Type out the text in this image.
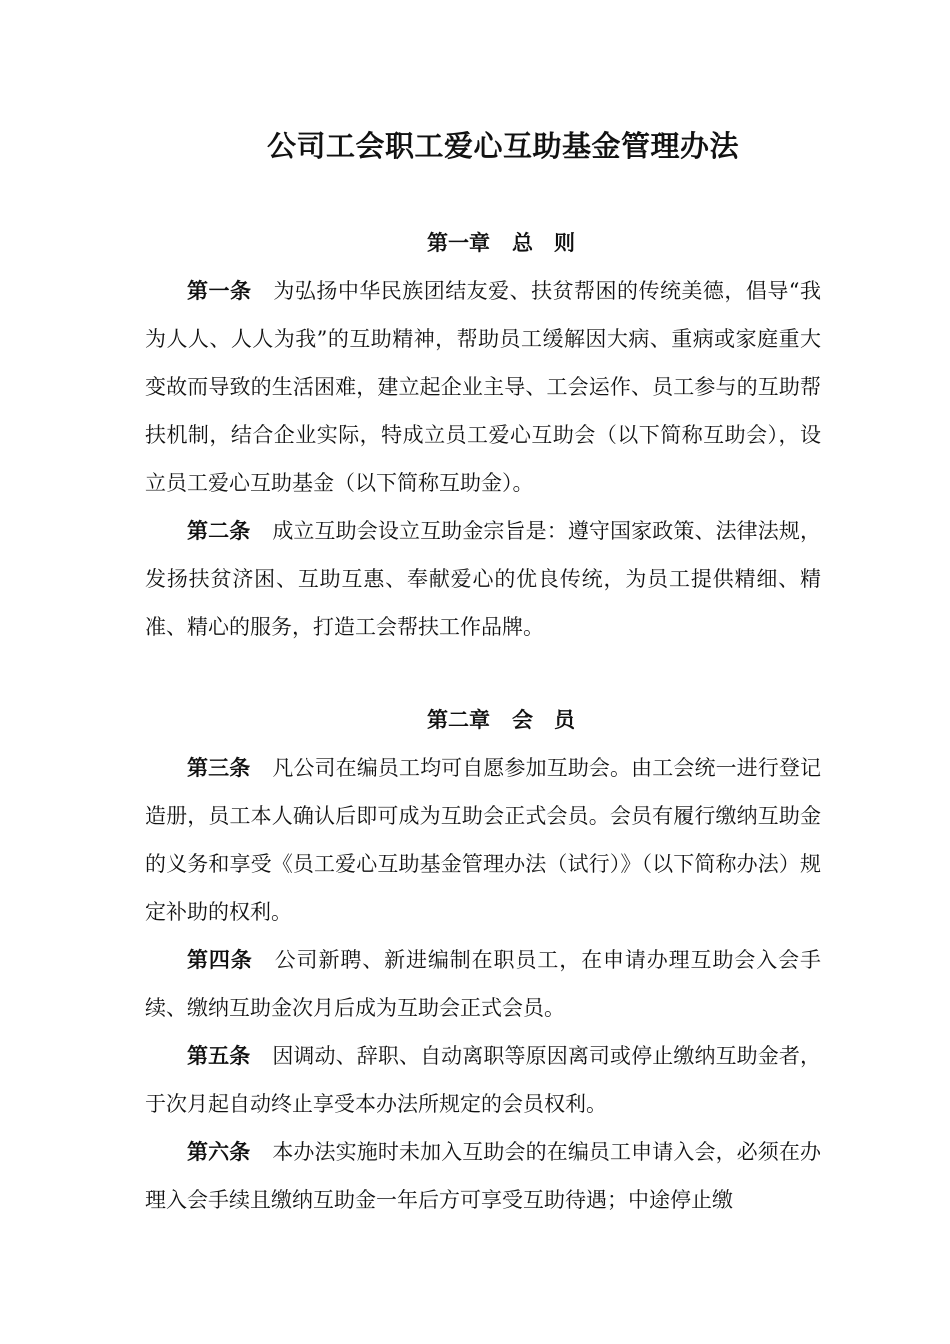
公司工会职工爱心互助基金管理办法

第一章 总　则

第一条 为弘扬中华民族团结友爱、扶贫帮困的传统美德，倡导“我为人人、人人为我”的互助精神，帮助员工缓解因大病、重病或家庭重大变故而导致的生活困难，建立起企业主导、工会运作、员工参与的互助帮扶机制，结合企业实际，特成立员工爱心互助会（以下简称互助会），设立员工爱心互助基金（以下简称互助金）。

第二条 成立互助会设立互助金宗旨是：遵守国家政策、法律法规，发扬扶贫济困、互助互惠、奉献爱心的优良传统，为员工提供精细、精准、精心的服务，打造工会帮扶工作品牌。

第二章 会　员

第三条 凡公司在编员工均可自愿参加互助会。由工会统一进行登记造册，员工本人确认后即可成为互助会正式会员。会员有履行缴纳互助金的义务和享受《员工爱心互助基金管理办法（试行）》（以下简称办法）规定补助的权利。

第四条 公司新聘、新进编制在职员工，在申请办理互助会入会手续、缴纳互助金次月后成为互助会正式会员。

第五条 因调动、辞职、自动离职等原因离司或停止缴纳互助金者，于次月起自动终止享受本办法所规定的会员权利。

第六条 本办法实施时未加入互助会的在编员工申请入会，必须在办理入会手续且缴纳互助金一年后方可享受互助待遇；中途停止缴
